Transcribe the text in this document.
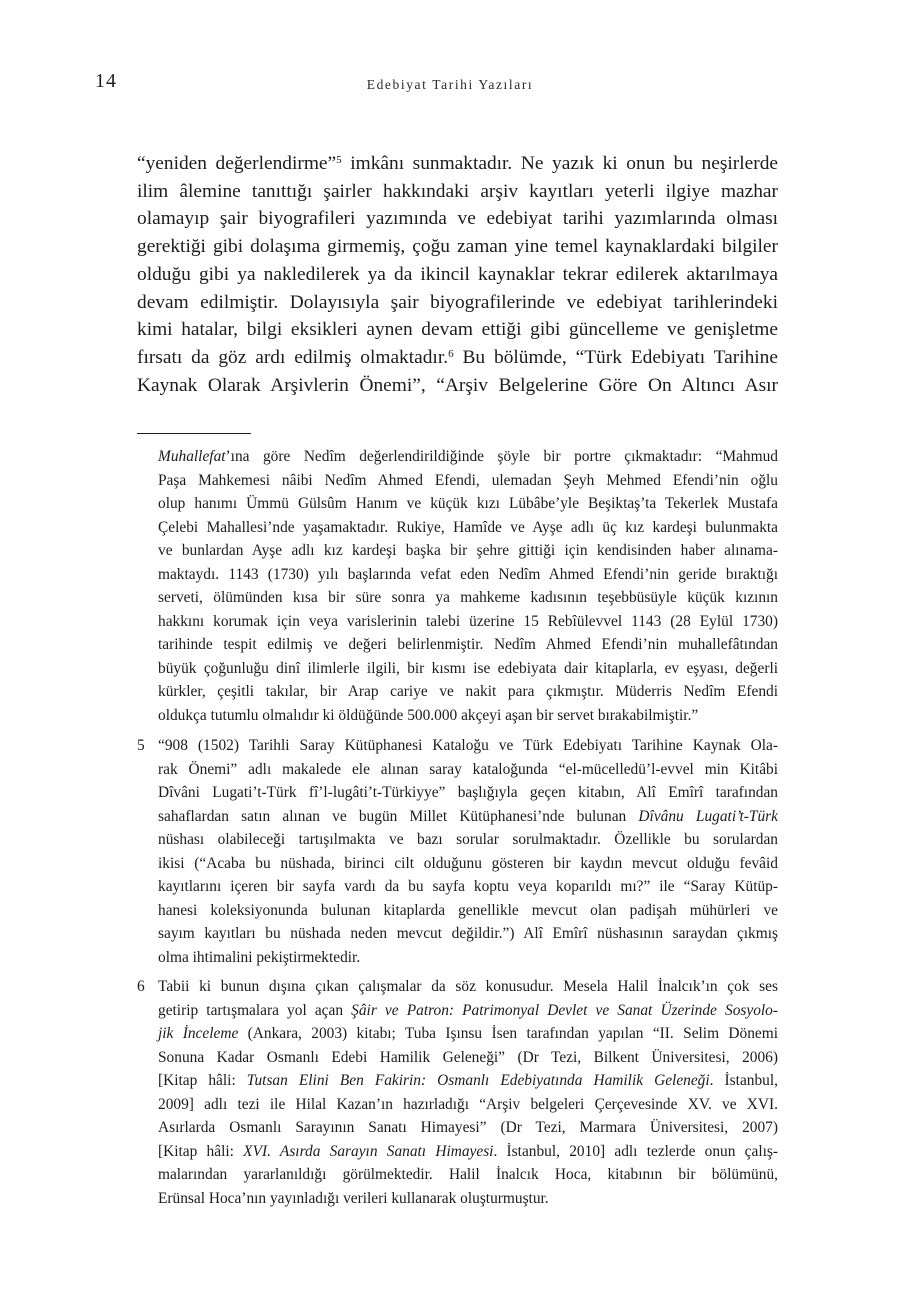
14	Edebiyat Tarihi Yazıları
“yeniden değerlendirme”$^5$ imkânı sunmaktadır. Ne yazık ki onun bu neşirlerde
ilim âlemine tanıttığı şairler hakkındaki arşiv kayıtları yeterli ilgiye mazhar
olamayıp şair biyografileri yazımında ve edebiyat tarihi yazımlarında olması
gerektiği gibi dolaşıma girmemiş, çoğu zaman yine temel kaynaklardaki bilgiler
olduğu gibi ya nakledilerek ya da ikincil kaynaklar tekrar edilerek aktarılmaya
devam edilmiştir. Dolayısıyla şair biyografilerinde ve edebiyat tarihlerindeki
kimi hatalar, bilgi eksikleri aynen devam ettiği gibi güncelleme ve genişletme
fırsatı da göz ardı edilmiş olmaktadır.$^6$ Bu bölümde, “Türk Edebiyatı Tarihine
Kaynak Olarak Arşivlerin Önemi”, “Arşiv Belgelerine Göre On Altıncı Asır
Muhallefat’ına göre Nedîm değerlendirildiğinde şöyle bir portre çıkmaktadır: “Mahmud
Paşa Mahkemesi nâibi Nedîm Ahmed Efendi, ulemadan Şeyh Mehmed Efendi’nin oğlu
olup hanımı Ümmü Gülsûm Hanım ve küçük kızı Lübâbe’yle Beşiktaş’ta Tekerlek Mustafa
Çelebi Mahallesi’nde yaşamaktadır. Rukiye, Hamîde ve Ayşe adlı üç kız kardeşi bulunmakta
ve bunlardan Ayşe adlı kız kardeşi başka bir şehre gittiği için kendisinden haber alınama-
maktaydı. 1143 (1730) yılı başlarında vefat eden Nedîm Ahmed Efendi’nin geride bıraktığı
serveti, ölümünden kısa bir süre sonra ya mahkeme kadısının teşebbüsüyle küçük kızının
hakkını korumak için veya varislerinin talebi üzerine 15 Rebîülevvel 1143 (28 Eylül 1730)
tarihinde tespit edilmiş ve değeri belirlenmiştir. Nedîm Ahmed Efendi’nin muhallefâtından
büyük çoğunluğu dinî ilimlerle ilgili, bir kısmı ise edebiyata dair kitaplarla, ev eşyası, değerli
kürkler, çeşitli takılar, bir Arap cariye ve nakit para çıkmıştır. Müderris Nedîm Efendi
oldukça tutumlu olmalıdır ki öldüğünde 500.000 akçeyi aşan bir servet bırakabilmiştir.”
5 “908 (1502) Tarihli Saray Kütüphanesi Kataloğu ve Türk Edebiyatı Tarihine Kaynak Ola-
rak Önemi” adlı makalede ele alınan saray kataloğunda “el-mücelledü’l-evvel min Kitâbi
Dîvâni Lugati’t-Türk fî’l-lugâti’t-Türkiyye” başlığıyla geçen kitabın, Alî Emîrî tarafından
sahaflardan satın alınan ve bugün Millet Kütüphanesi’nde bulunan Dîvânu Lugati’t-Türk
nüshası olabileceği tartışılmakta ve bazı sorular sorulmaktadır. Özellikle bu sorulardan
ikisi (“Acaba bu nüshada, birinci cilt olduğunu gösteren bir kaydın mevcut olduğu fevâid
kayıtlarını içeren bir sayfa vardı da bu sayfa koptu veya koparıldı mı?” ile “Saray Kütüp-
hanesi koleksiyonunda bulunan kitaplarda genellikle mevcut olan padişah mühürleri ve
sayım kayıtları bu nüshada neden mevcut değildir.”) Alî Emîrî nüshasının saraydan çıkmış
olma ihtimalini pekiştirmektedir.
6 Tabii ki bunun dışına çıkan çalışmalar da söz konusudur. Mesela Halil İnalcık’ın çok ses
getirip tartışmalara yol açan Şâir ve Patron: Patrimonyal Devlet ve Sanat Üzerinde Sosyolo-
jik İnceleme (Ankara, 2003) kitabı; Tuba Işınsu İsen tarafından yapılan “II. Selim Dönemi
Sonuna Kadar Osmanlı Edebi Hamilik Geleneği” (Dr Tezi, Bilkent Üniversitesi, 2006)
[Kitap hâli: Tutsan Elini Ben Fakirin: Osmanlı Edebiyatında Hamilik Geleneği. İstanbul,
2009] adlı tezi ile Hilal Kazan’ın hazırladığı “Arşiv belgeleri Çerçevesinde XV. ve XVI.
Asırlarda Osmanlı Sarayının Sanatı Himayesi” (Dr Tezi, Marmara Üniversitesi, 2007)
[Kitap hâli: XVI. Asırda Sarayın Sanatı Himayesi. İstanbul, 2010] adlı tezlerde onun çalış-
malarından yararlanıldığı görülmektedir. Halil İnalcık Hoca, kitabının bir bölümünü,
Erünsal Hoca’nın yayınladığı verileri kullanarak oluşturmuştur.
